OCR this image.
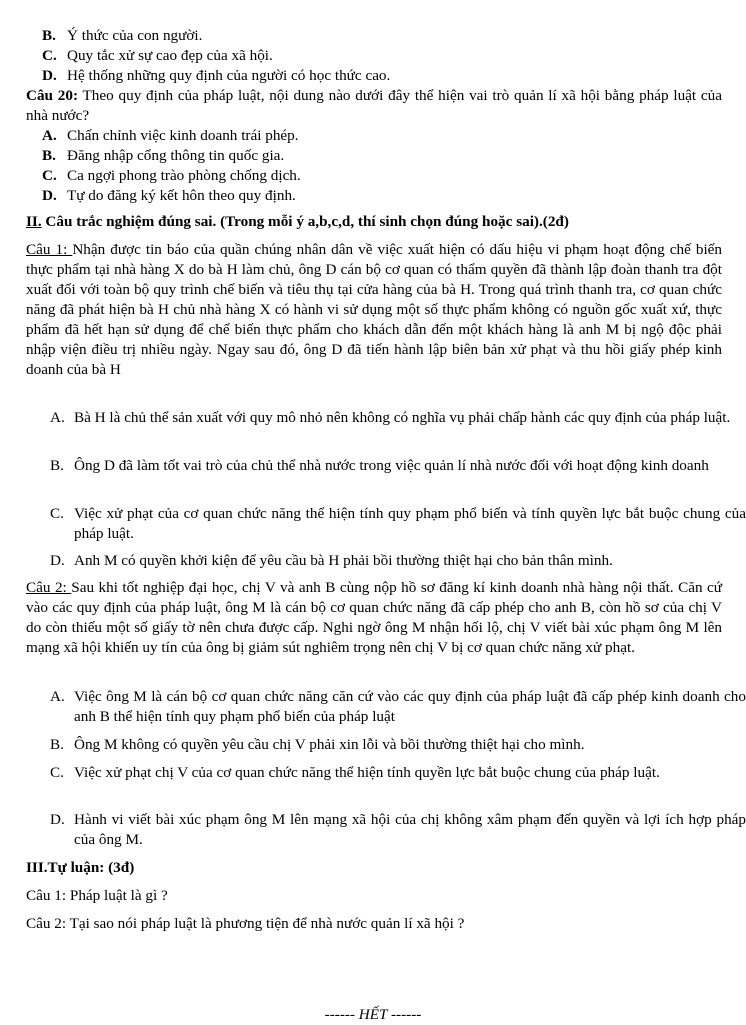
B. Ý thức của con người.
C. Quy tắc xử sự cao đẹp của xã hội.
D. Hệ thống những quy định của người có học thức cao.

Câu 20: Theo quy định của pháp luật, nội dung nào dưới đây thể hiện vai trò quản lí xã hội bằng pháp luật của nhà nước?

A. Chấn chỉnh việc kinh doanh trái phép.
B. Đăng nhập cổng thông tin quốc gia.
C. Ca ngợi phong trào phòng chống dịch.
D. Tự do đăng ký kết hôn theo quy định.
II. Câu trắc nghiệm đúng sai. (Trong mỗi ý a,b,c,d, thí sinh chọn đúng hoặc sai).(2đ)

Câu 1: Nhận được tin báo của quần chúng nhân dân về việc xuất hiện có dấu hiệu vi phạm hoạt động chế biến thực phẩm tại nhà hàng X do bà H làm chủ, ông D cán bộ cơ quan có thẩm quyền đã thành lập đoàn thanh tra đột xuất đối với toàn bộ quy trình chế biến và tiêu thụ tại cửa hàng của bà H. Trong quá trình thanh tra, cơ quan chức năng đã phát hiện bà H chủ nhà hàng X có hành vi sử dụng một số thực phẩm không có nguồn gốc xuất xứ, thực phẩm đã hết hạn sử dụng để chế biến thực phẩm cho khách dẫn đến một khách hàng là anh M bị ngộ độc phải nhập viện điều trị nhiều ngày. Ngay sau đó, ông D đã tiến hành lập biên bản xử phạt và thu hồi giấy phép kinh doanh của bà H

A. Bà H là chủ thể sản xuất với quy mô nhỏ nên không có nghĩa vụ phải chấp hành các quy định của pháp luật.

B. Ông D đã làm tốt vai trò của chủ thể nhà nước trong việc quản lí nhà nước đối với hoạt động kinh doanh

C. Việc xử phạt của cơ quan chức năng thể hiện tính quy phạm phổ biến và tính quyền lực bắt buộc chung của pháp luật.

D. Anh M có quyền khởi kiện để yêu cầu bà H phải bồi thường thiệt hại cho bản thân mình.

Câu 2: Sau khi tốt nghiệp đại học, chị V và anh B cùng nộp hồ sơ đăng kí kinh doanh nhà hàng nội thất. Căn cứ vào các quy định của pháp luật, ông M là cán bộ cơ quan chức năng đã cấp phép cho anh B, còn hồ sơ của chị V do còn thiếu một số giấy tờ nên chưa được cấp. Nghi ngờ ông M nhận hối lộ, chị V viết bài xúc phạm ông M lên mạng xã hội khiến uy tín của ông bị giảm sút nghiêm trọng nên chị V bị cơ quan chức năng xử phạt.

A. Việc ông M là cán bộ cơ quan chức năng căn cứ vào các quy định của pháp luật đã cấp phép kinh doanh cho anh B thể hiện tính quy phạm phổ biến của pháp luật

B. Ông M không có quyền yêu cầu chị V phải xin lỗi và bồi thường thiệt hại cho mình.

C. Việc xử phạt chị V của cơ quan chức năng thể hiện tính quyền lực bắt buộc chung của pháp luật.

D. Hành vi viết bài xúc phạm ông M lên mạng xã hội của chị không xâm phạm đến quyền và lợi ích hợp pháp của ông M.

III.Tự luận: (3đ)
Câu 1: Pháp luật là gì ?
Câu 2: Tại sao nói pháp luật là phương tiện để nhà nước quản lí xã hội ?
------ HẾT ------
